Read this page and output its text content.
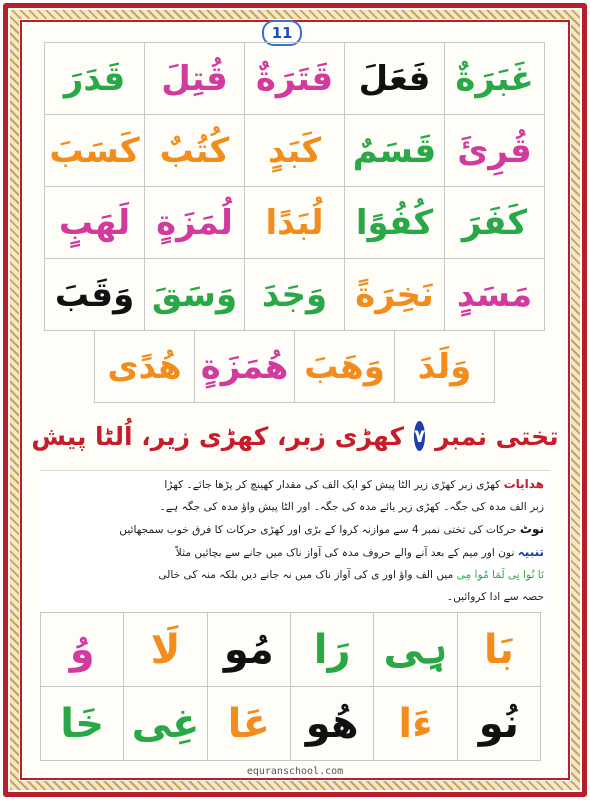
11
قَدَرَ	قُتِلَ قَتَرَةٌ فَعَلَ غَبَرَةٌ
كَسَبَ كُتُبٌ	كَبَدٍ قَسَمٌ قُرِئَ
لَهَبٍ لُمَزَةٍ لُبَدًا كُفُوًا كَفَرَ
وَقَبَ وَسَقَ وَجَدَ نَخِرَةً مَسَدٍ
هُدًى هُمَزَةٍ وَهَبَ وَلَدَ
تختی نمبر
۷
کھڑی زبر، کھڑی زیر، اُلٹا پیش
ھدایات کھڑی زبر کھڑی زیر الٹا پیش کو ایک الف کی مقدار کھینچ کر پڑھا جائے۔ کھڑا
زبر الف مدہ کی جگہ۔ کھڑی زیر یائے مدہ کی جگہ۔ اور الٹا پیش واؤ مدہ کی جگہ ہے۔
نوٹ حرکات کی تختی نمبر 4 سے موازنہ کروا کے بڑی اور کھڑی حرکات کا فرق خوب سمجھائیں
تنبیہ نون اور میم کے بعد آنے والے حروف مدہ کی آواز ناک میں جانے سے بچائیں مثلاً
نَا نُوا نِی لَمَا مُوا مِی میں الف واؤ اور ی کی آواز ناک میں نہ جانے دیں بلکہ منہ کی خالی
حصہ سے ادا کروائیں۔
وُ	لَا	مُو	رَا ہِی بَا
خَا غِی عَا ھُو ءَا	نُو
equranschool.com
